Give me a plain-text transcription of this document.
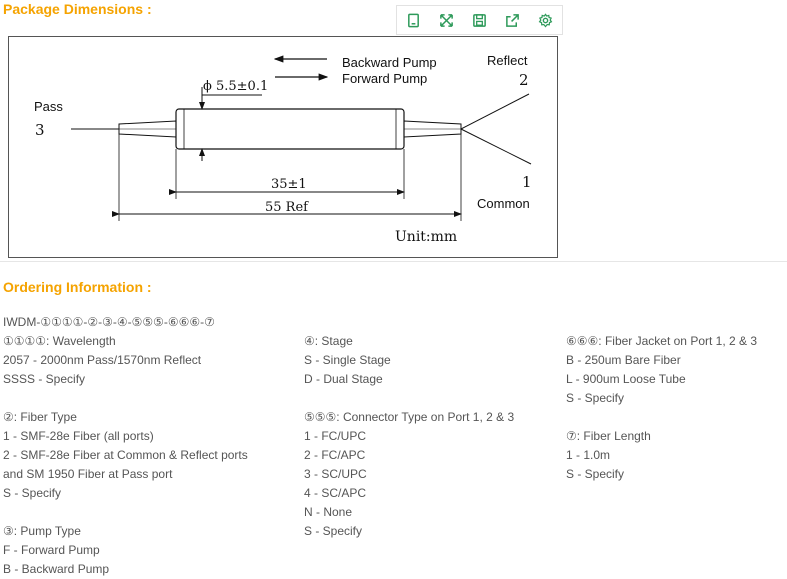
Package Dimensions :
Backward Pump
Forward Pump
Reflect
2
Pass
3
1
Common
ϕ 5.5±0.1
35±1
55 Ref
Unit:mm
Ordering Information :
IWDM-①①①①-②-③-④-⑤⑤⑤-⑥⑥⑥-⑦
①①①①: Wavelength
2057 - 2000nm Pass/1570nm Reflect
SSSS - Specify
②: Fiber Type
1 - SMF-28e Fiber (all ports)
2 - SMF-28e Fiber at Common & Reflect ports
and SM 1950 Fiber at Pass port
S - Specify
③: Pump Type
F - Forward Pump
B - Backward Pump
④: Stage
S - Single Stage
D - Dual Stage
⑤⑤⑤: Connector Type on Port 1, 2 & 3
1 - FC/UPC
2 - FC/APC
3 - SC/UPC
4 - SC/APC
N - None
S - Specify
⑥⑥⑥: Fiber Jacket on Port 1, 2 & 3
B - 250um Bare Fiber
L - 900um Loose Tube
S - Specify
⑦: Fiber Length
1 - 1.0m
S - Specify
